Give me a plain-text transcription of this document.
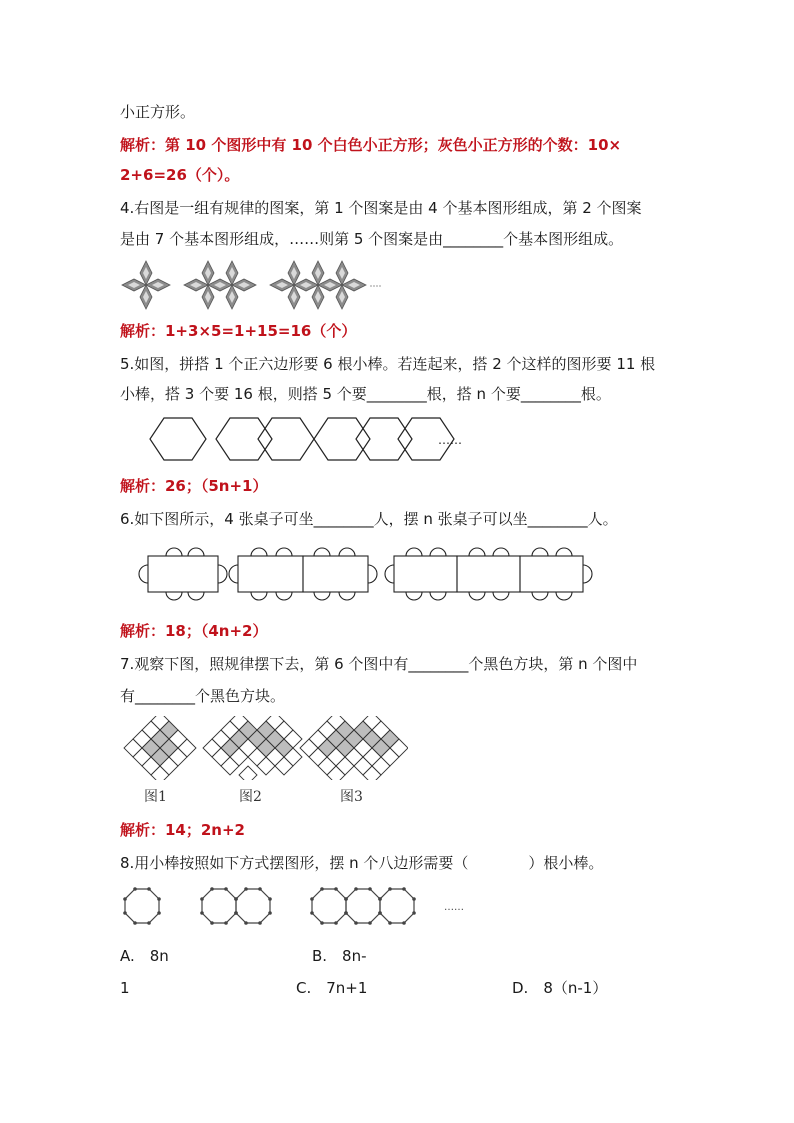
小正方形。
解析：第 10 个图形中有 10 个白色小正方形；灰色小正方形的个数：10×
2+6=26（个）。
4.右图是一组有规律的图案，第 1 个图案是由 4 个基本图形组成，第 2 个图案
是由 7 个基本图形组成，……则第 5 个图案是由________个基本图形组成。
解析：1+3×5=1+15=16（个）
5.如图，拼搭 1 个正六边形要 6 根小棒。若连起来，搭 2 个这样的图形要 11 根
小棒，搭 3 个要 16 根，则搭 5 个要________根，搭 n 个要________根。
……
解析：26；（5n+1）
6.如下图所示，4 张桌子可坐________人，摆 n 张桌子可以坐________人。
解析：18；（4n+2）
7.观察下图，照规律摆下去，第 6 个图中有________个黑色方块，第 n 个图中
有________个黑色方块。
图1	图2	图3
解析：14；2n+2
8.用小棒按照如下方式摆图形，摆 n 个八边形需要（　　　　）根小棒。
……
A.　8n	B.　8n-
1	C.　7n+1	D.　8（n-1）
